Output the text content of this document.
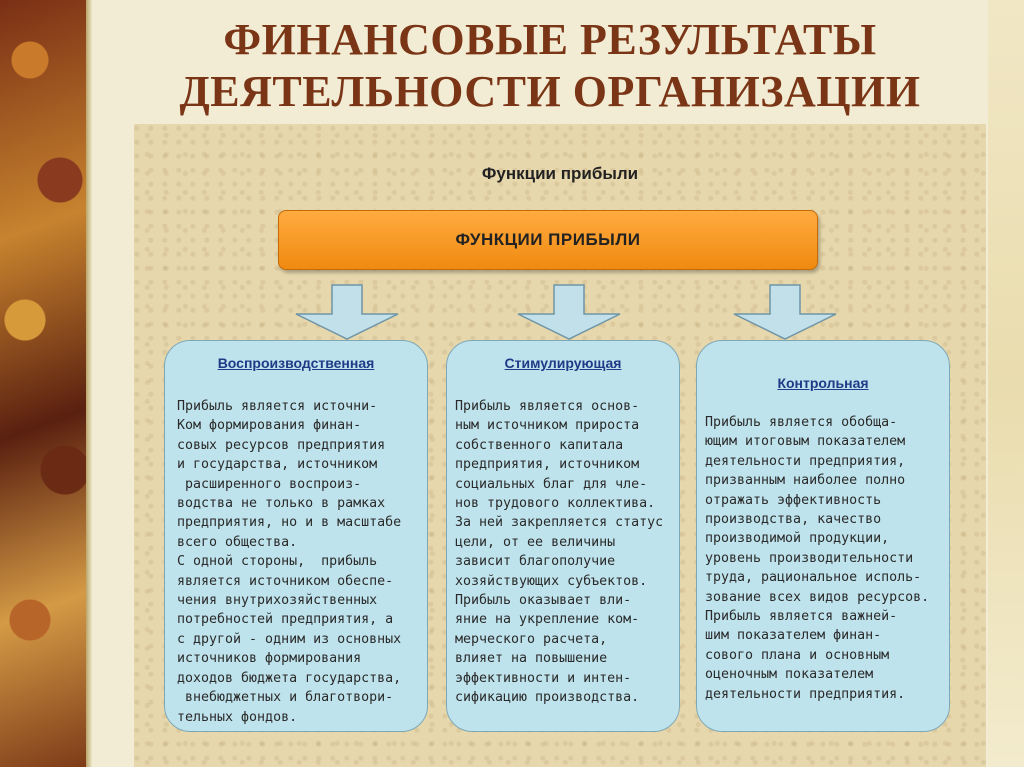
ФИНАНСОВЫЕ РЕЗУЛЬТАТЫ
ДЕЯТЕЛЬНОСТИ ОРГАНИЗАЦИИ
Функции прибыли
ФУНКЦИИ ПРИБЫЛИ
Воспроизводственная
Прибыль является источни-
Ком формирования финан-
совых ресурсов предприятия
и государства, источником
расширенного воспроиз-
водства не только в рамках
предприятия, но и в масштабе
всего общества.
С одной стороны,  прибыль
является источником обеспе-
чения внутрихозяйственных
потребностей предприятия, а
с другой - одним из основных
источников формирования
доходов бюджета государства,
внебюджетных и благотвори-
тельных фондов.
Стимулирующая
Прибыль является основ-
ным источником прироста
собственного капитала
предприятия, источником
социальных благ для чле-
нов трудового коллектива.
За ней закрепляется статус
цели, от ее величины
зависит благополучие
хозяйствующих субъектов.
Прибыль оказывает вли-
яние на укрепление ком-
мерческого расчета,
влияет на повышение
эффективности и интен-
сификацию производства.
Контрольная
Прибыль является обобща-
ющим итоговым показателем
деятельности предприятия,
призванным наиболее полно
отражать эффективность
производства, качество
производимой продукции,
уровень производительности
труда, рациональное исполь-
зование всех видов ресурсов.
Прибыль является важней-
шим показателем финан-
сового плана и основным
оценочным показателем
деятельности предприятия.
